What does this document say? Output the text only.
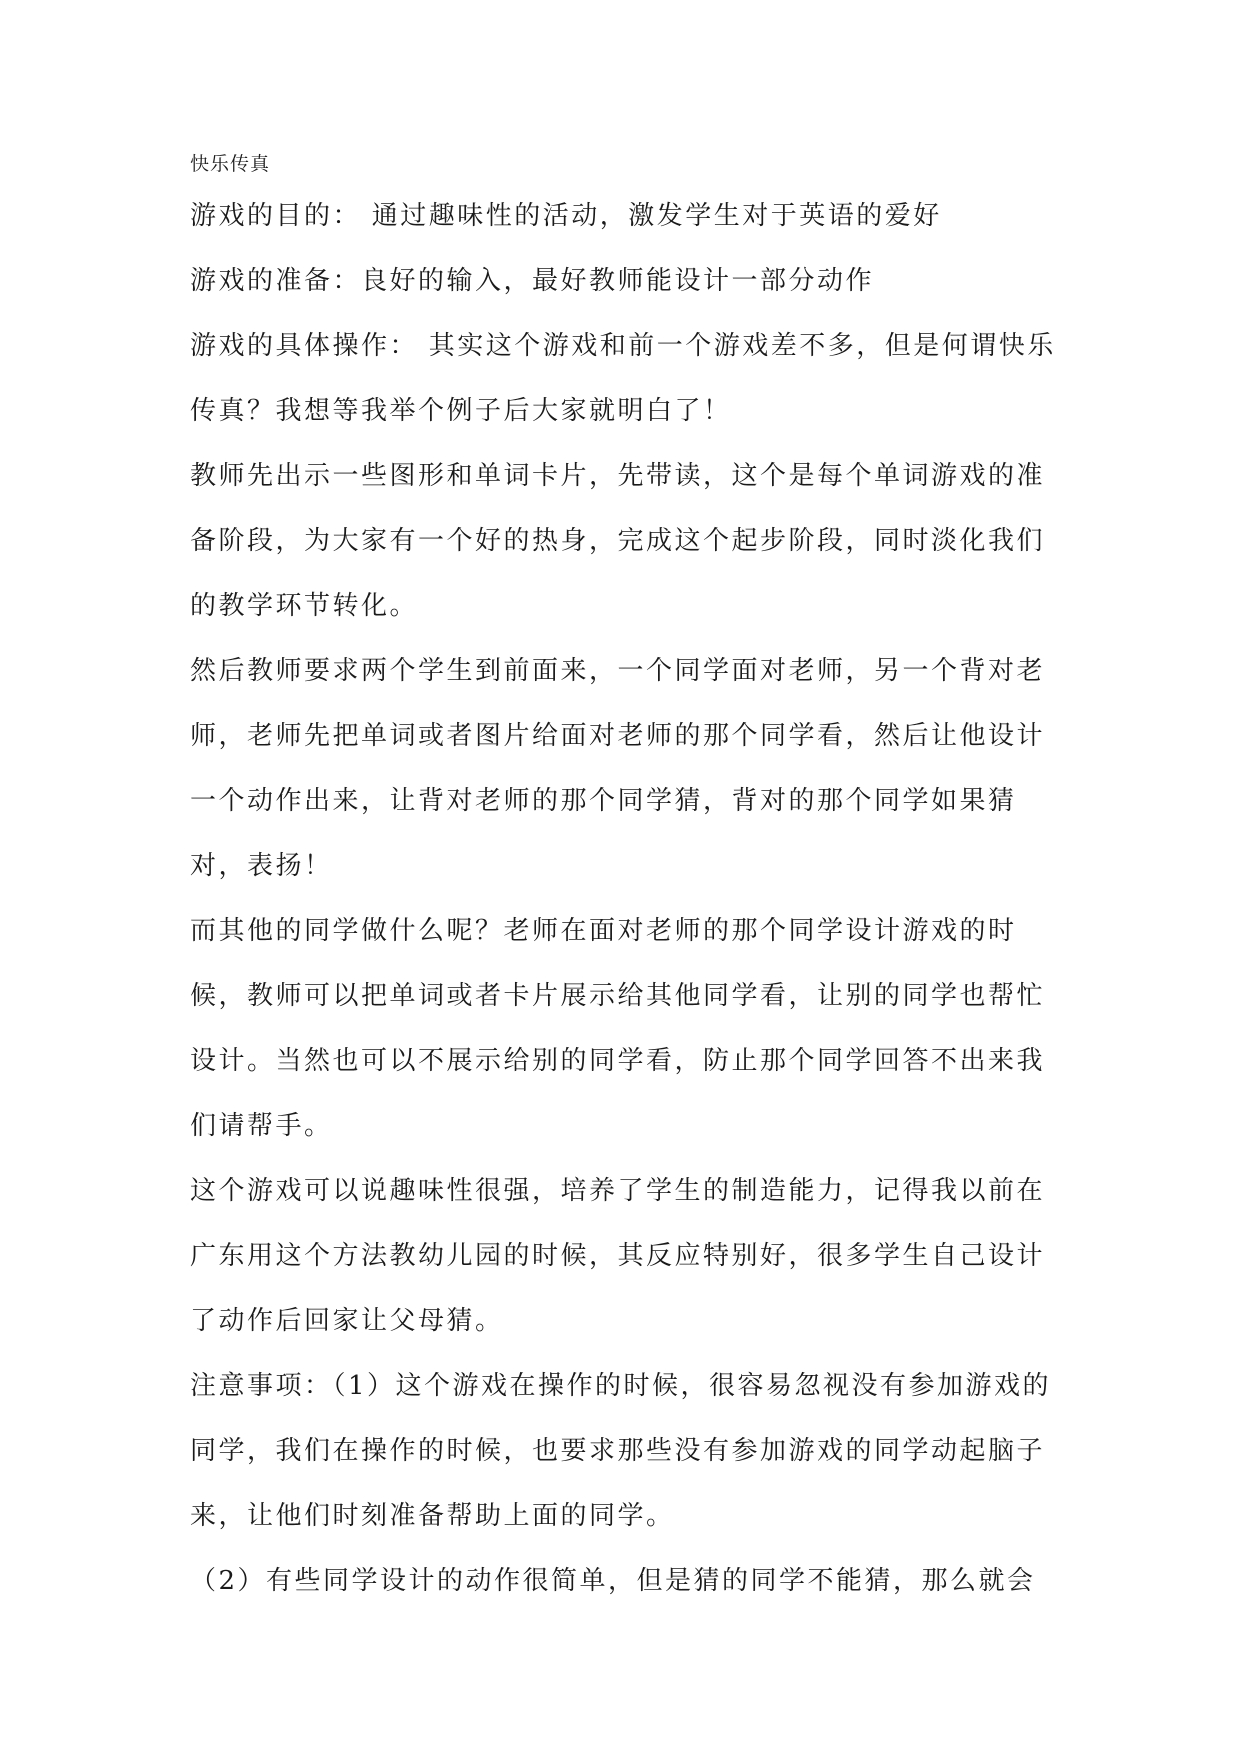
快乐传真

游戏的目的： 通过趣味性的活动，激发学生对于英语的爱好

游戏的准备：良好的输入，最好教师能设计一部分动作

游戏的具体操作： 其实这个游戏和前一个游戏差不多，但是何谓快乐传真？我想等我举个例子后大家就明白了！

教师先出示一些图形和单词卡片，先带读，这个是每个单词游戏的准备阶段，为大家有一个好的热身，完成这个起步阶段，同时淡化我们的教学环节转化。

然后教师要求两个学生到前面来，一个同学面对老师，另一个背对老师，老师先把单词或者图片给面对老师的那个同学看，然后让他设计一个动作出来，让背对老师的那个同学猜，背对的那个同学如果猜对，表扬！

而其他的同学做什么呢？老师在面对老师的那个同学设计游戏的时候，教师可以把单词或者卡片展示给其他同学看，让别的同学也帮忙设计。当然也可以不展示给别的同学看，防止那个同学回答不出来我们请帮手。

这个游戏可以说趣味性很强，培养了学生的制造能力，记得我以前在广东用这个方法教幼儿园的时候，其反应特别好，很多学生自己设计了动作后回家让父母猜。

注意事项：（1）这个游戏在操作的时候，很容易忽视没有参加游戏的同学，我们在操作的时候，也要求那些没有参加游戏的同学动起脑子来，让他们时刻准备帮助上面的同学。

（2）有些同学设计的动作很简单，但是猜的同学不能猜，那么就会
